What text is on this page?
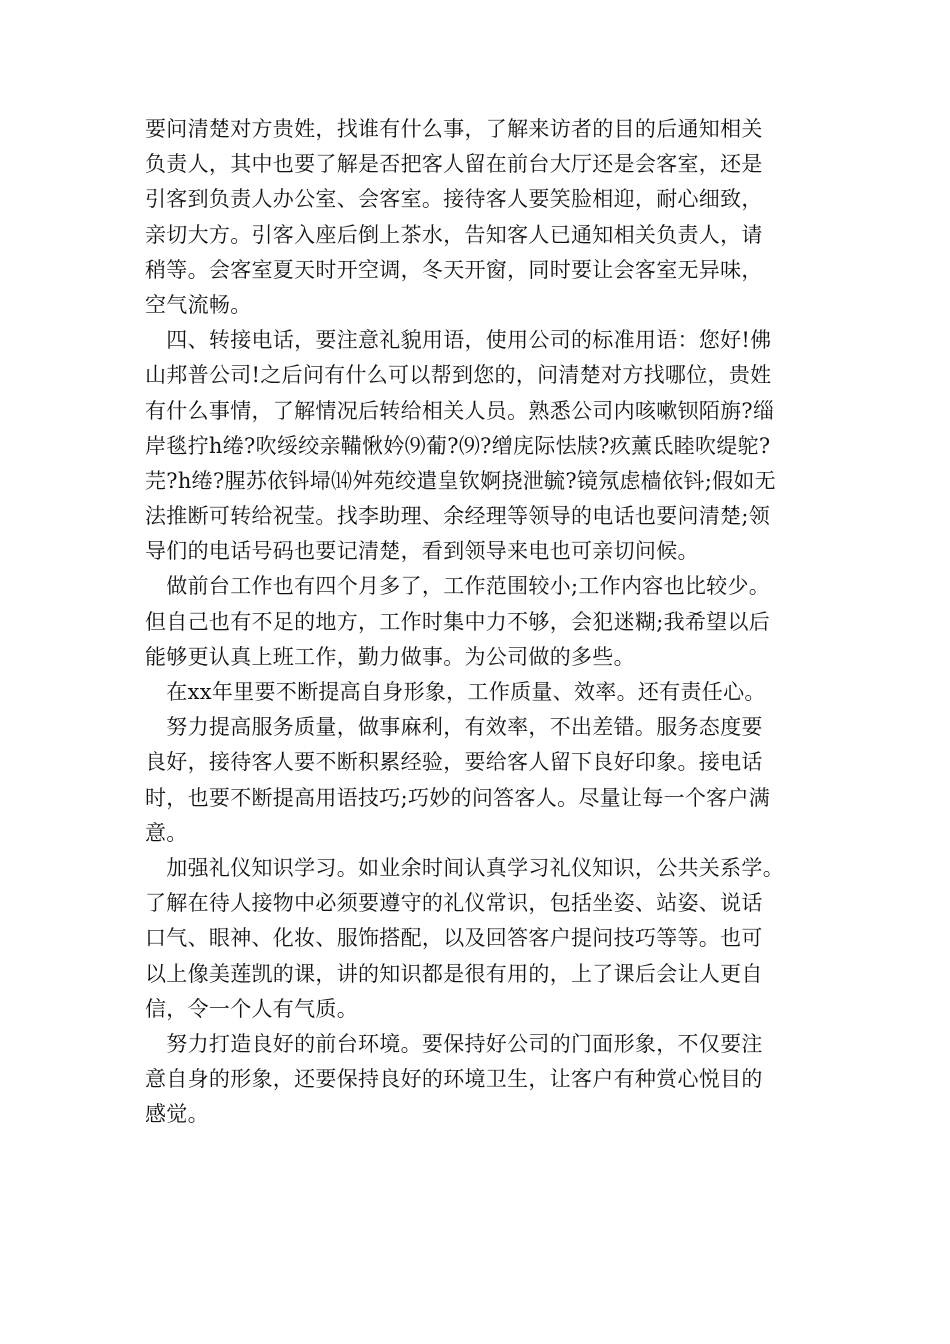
要问清楚对方贵姓，找谁有什么事，了解来访者的目的后通知相关
负责人，其中也要了解是否把客人留在前台大厅还是会客室，还是
引客到负责人办公室、会客室。接待客人要笑脸相迎，耐心细致，
亲切大方。引客入座后倒上茶水，告知客人已通知相关负责人，请
稍等。会客室夏天时开空调，冬天开窗，同时要让会客室无异味，
空气流畅。
　四、转接电话，要注意礼貌用语，使用公司的标准用语：您好!佛
山邦普公司!之后问有什么可以帮到您的，问清楚对方找哪位，贵姓
有什么事情，了解情况后转给相关人员。熟悉公司内咳嗽钡陌旃?缁
岸毯拧h绻?吹绥绞亲鞴愀妗⑼葡?⑼?缯庑际怯牍?疚薰氐睦吹缇鸵?
芫?h绻?腥苏依钭埽⒁舛苑绞遣皇钦婀挠泄毓?镜氖虑樯依钭;假如无
法推断可转给祝莹。找李助理、余经理等领导的电话也要问清楚;领
导们的电话号码也要记清楚，看到领导来电也可亲切问候。
　做前台工作也有四个月多了，工作范围较小;工作内容也比较少。
但自己也有不足的地方，工作时集中力不够，会犯迷糊;我希望以后
能够更认真上班工作，勤力做事。为公司做的多些。
　在xx年里要不断提高自身形象，工作质量、效率。还有责任心。
　努力提高服务质量，做事麻利，有效率，不出差错。服务态度要
良好，接待客人要不断积累经验，要给客人留下良好印象。接电话
时，也要不断提高用语技巧;巧妙的问答客人。尽量让每一个客户满
意。
　加强礼仪知识学习。如业余时间认真学习礼仪知识，公共关系学。
了解在待人接物中必须要遵守的礼仪常识，包括坐姿、站姿、说话
口气、眼神、化妆、服饰搭配，以及回答客户提问技巧等等。也可
以上像美莲凯的课，讲的知识都是很有用的，上了课后会让人更自
信，令一个人有气质。
　努力打造良好的前台环境。要保持好公司的门面形象，不仅要注
意自身的形象，还要保持良好的环境卫生，让客户有种赏心悦目的
感觉。
